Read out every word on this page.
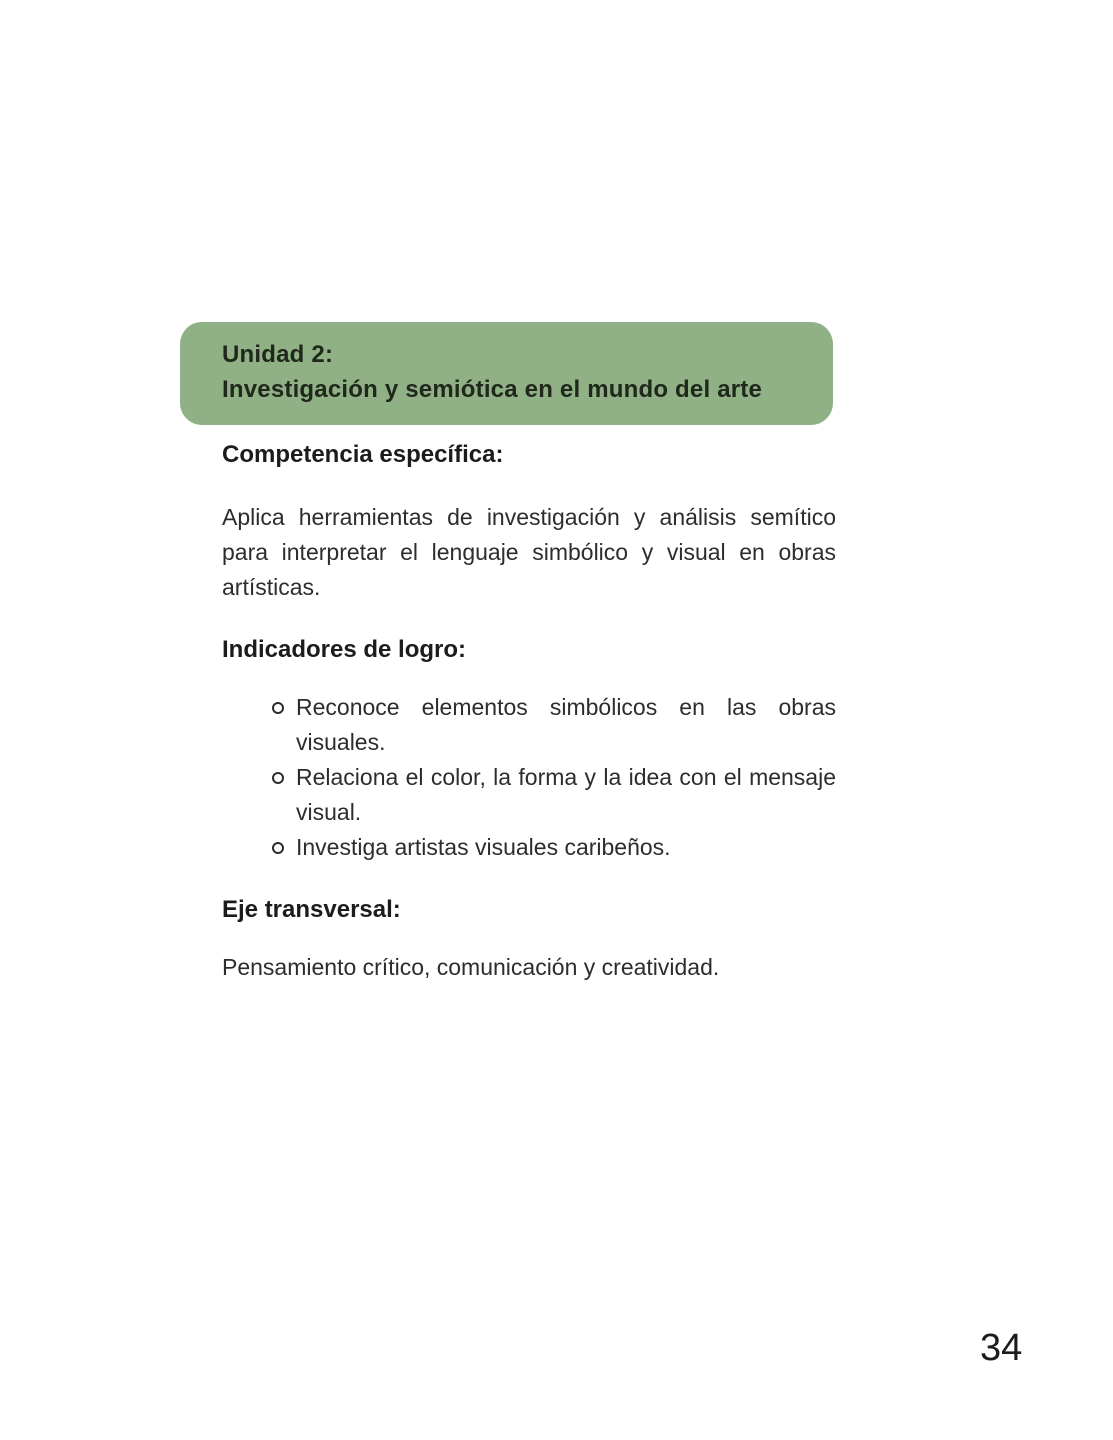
Unidad 2:
Investigación y semiótica en el mundo del arte
Competencia específica:

Aplica herramientas de investigación y análisis semítico para interpretar el lenguaje simbólico y visual en obras artísticas.

Indicadores de logro:
Reconoce elementos simbólicos en las obras visuales.
Relaciona el color, la forma y la idea con el mensaje visual.
Investiga artistas visuales caribeños.
Eje transversal:

Pensamiento crítico, comunicación y creatividad.

34
